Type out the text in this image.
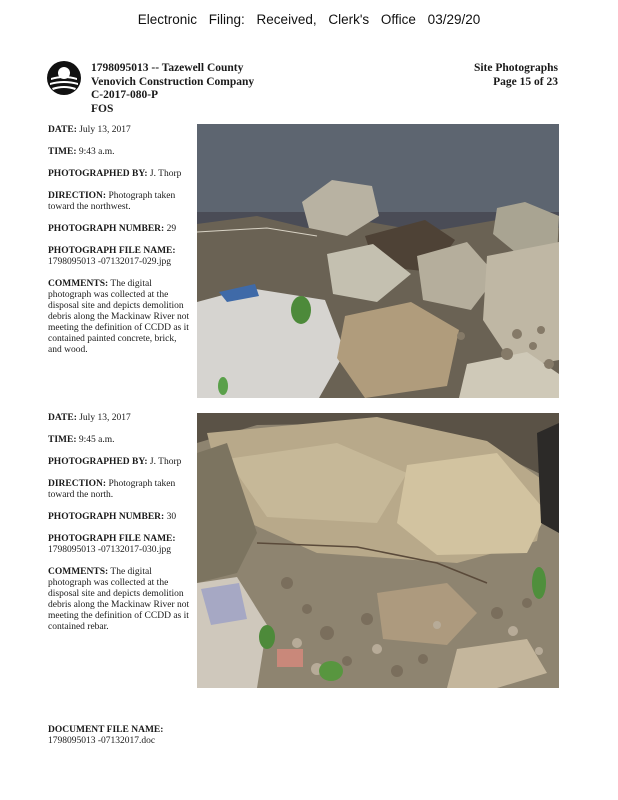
Electronic Filing: Received, Clerk's Office 03/29/20
1798095013 -- Tazewell County
Venovich Construction Company
C-2017-080-P
FOS
Site Photographs
Page 15 of 23
DATE: July 13, 2017
TIME: 9:43 a.m.
PHOTOGRAPHED BY: J. Thorp
DIRECTION: Photograph taken toward the northwest.
PHOTOGRAPH NUMBER: 29
PHOTOGRAPH FILE NAME:
1798095013 -07132017-029.jpg
COMMENTS: The digital photograph was collected at the disposal site and depicts demolition debris along the Mackinaw River not meeting the definition of CCDD as it contained painted concrete, brick, and wood.
DATE: July 13, 2017
TIME: 9:45 a.m.
PHOTOGRAPHED BY: J. Thorp
DIRECTION: Photograph taken toward the north.
PHOTOGRAPH NUMBER: 30
PHOTOGRAPH FILE NAME:
1798095013 -07132017-030.jpg
COMMENTS: The digital photograph was collected at the disposal site and depicts demolition debris along the Mackinaw River not meeting the definition of CCDD as it contained rebar.
DOCUMENT FILE NAME:
1798095013 -07132017.doc
